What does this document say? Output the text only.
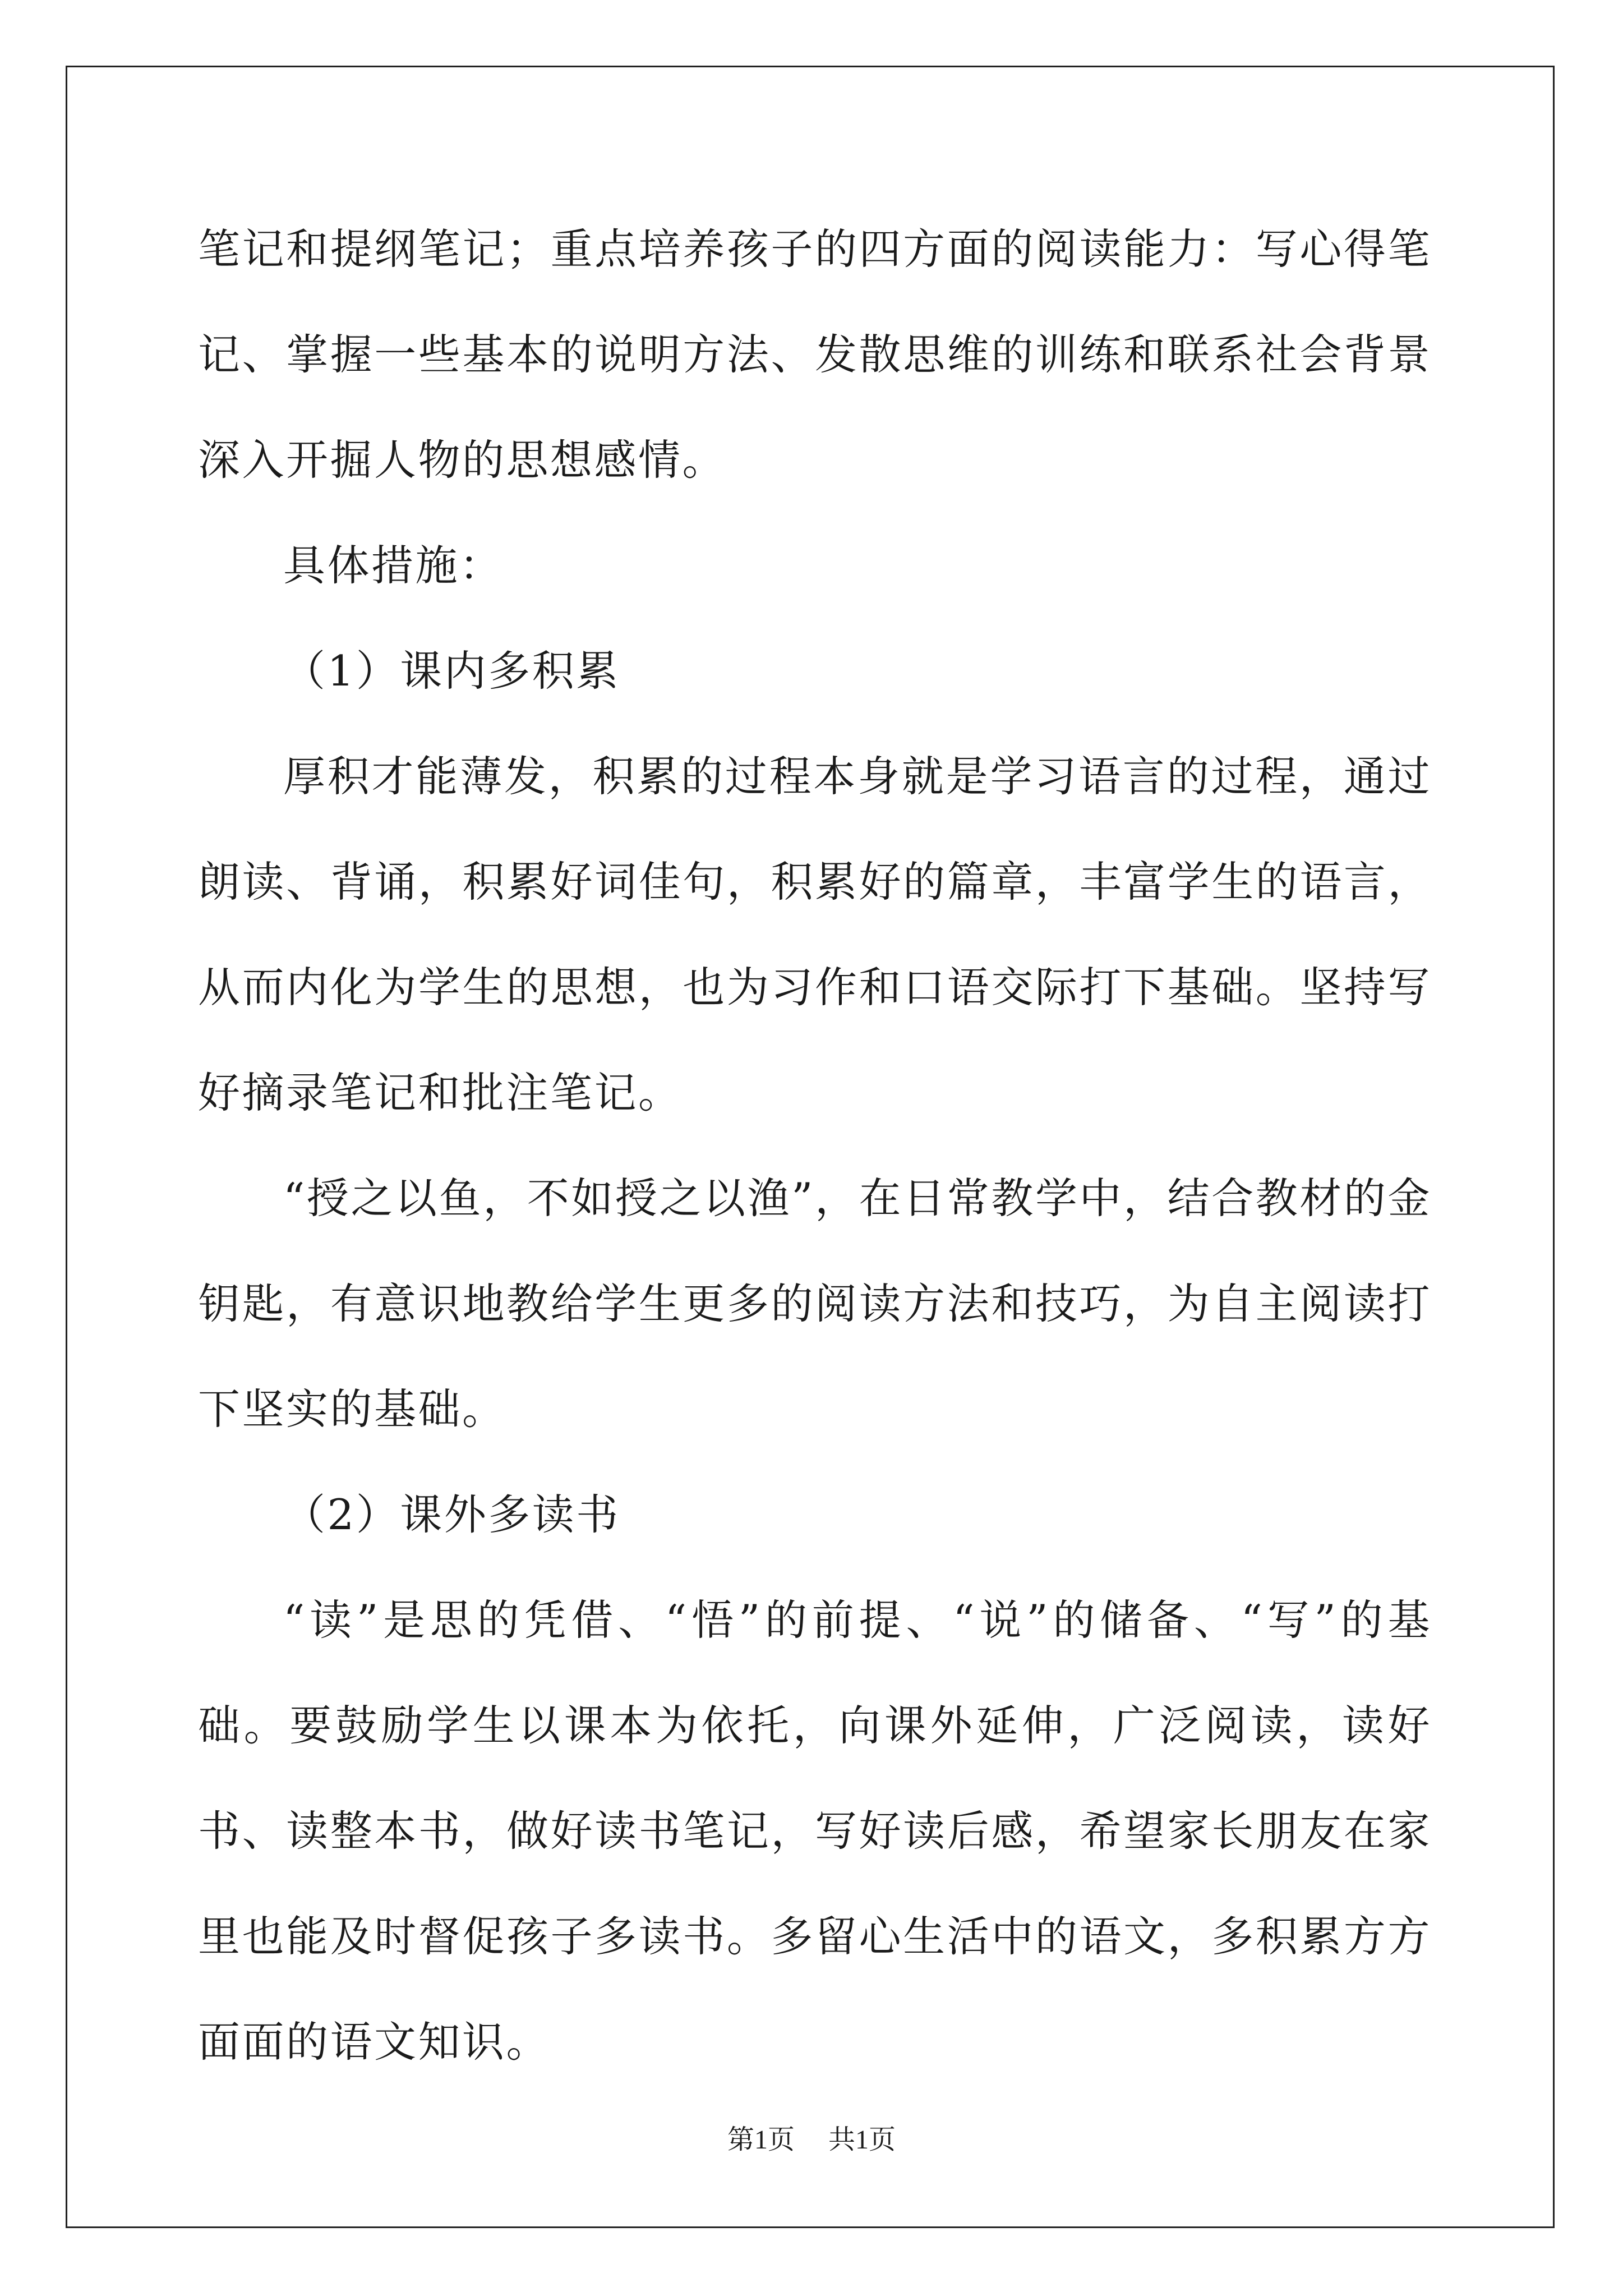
笔记和提纲笔记；重点培养孩子的四方面的阅读能力：写心得笔记、掌握一些基本的说明方法、发散思维的训练和联系社会背景深入开掘人物的思想感情。

具体措施：

（1）课内多积累

厚积才能薄发，积累的过程本身就是学习语言的过程，通过朗读、背诵，积累好词佳句，积累好的篇章，丰富学生的语言，从而内化为学生的思想，也为习作和口语交际打下基础。坚持写好摘录笔记和批注笔记。

“授之以鱼，不如授之以渔”，在日常教学中，结合教材的金钥匙，有意识地教给学生更多的阅读方法和技巧，为自主阅读打下坚实的基础。

（2）课外多读书

“读”是思的凭借、“悟”的前提、“说”的储备、“写”的基础。要鼓励学生以课本为依托，向课外延伸，广泛阅读，读好书、读整本书，做好读书笔记，写好读后感，希望家长朋友在家里也能及时督促孩子多读书。多留心生活中的语文，多积累方方面面的语文知识。

第1页 共1页
